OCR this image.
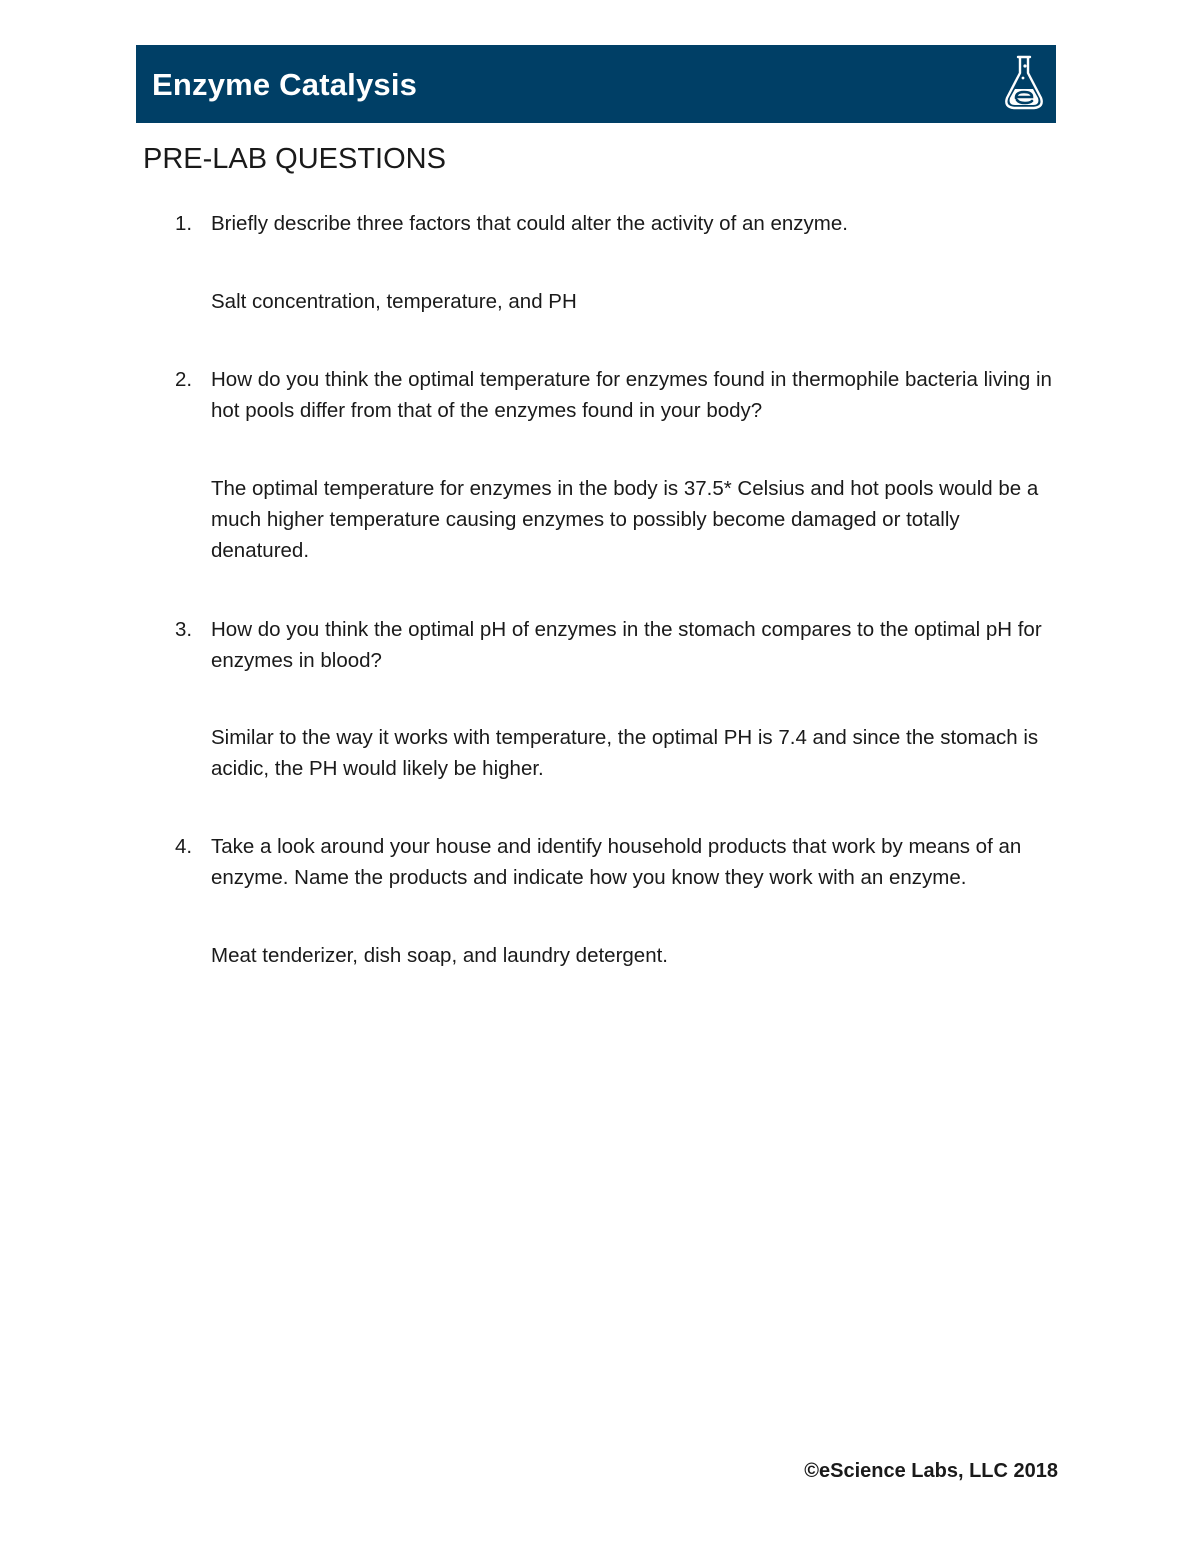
Enzyme Catalysis
PRE-LAB QUESTIONS
1. Briefly describe three factors that could alter the activity of an enzyme.

Salt concentration, temperature, and PH

2. How do you think the optimal temperature for enzymes found in thermophile bacteria living in hot pools differ from that of the enzymes found in your body?

The optimal temperature for enzymes in the body is 37.5* Celsius and hot pools would be a much higher temperature causing enzymes to possibly become damaged or totally denatured.

3. How do you think the optimal pH of enzymes in the stomach compares to the optimal pH for enzymes in blood?

Similar to the way it works with temperature, the optimal PH is 7.4 and since the stomach is acidic, the PH would likely be higher.

4. Take a look around your house and identify household products that work by means of an enzyme. Name the products and indicate how you know they work with an enzyme.

Meat tenderizer, dish soap, and laundry detergent.

©eScience Labs, LLC 2018
